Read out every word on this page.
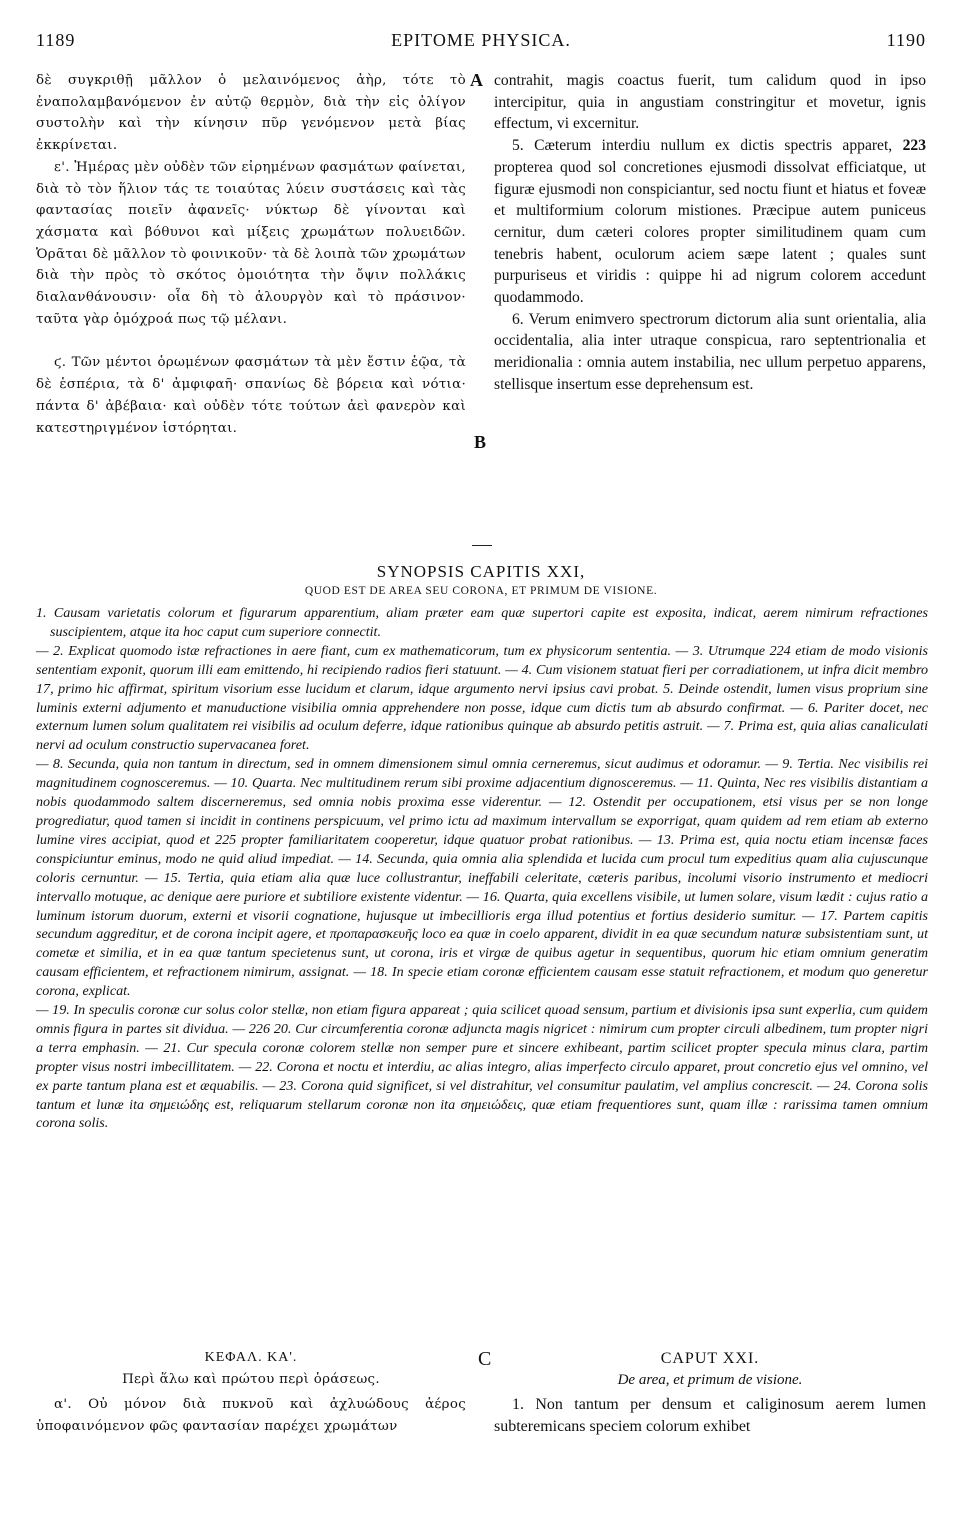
1189	EPITOME PHYSICA.	1190

δὲ συγκριθῇ μᾶλλον ὁ μελαινόμενος ἀὴρ, τότε τὸ ἐναπολαμβανόμενον ἐν αὐτῷ θερμὸν, διὰ τὴν εἰς ὀλίγον συστολὴν καὶ τὴν κίνησιν πῦρ γενόμενον μετὰ βίας ἐκκρίνεται.

ε'. Ἡμέρας μὲν οὐδὲν τῶν εἰρημένων φασμάτων φαίνεται, διὰ τὸ τὸν ἥλιον τάς τε τοιαύτας λύειν συστάσεις καὶ τὰς φαντασίας ποιεῖν ἀφανεῖς· νύκτωρ δὲ γίνονται καὶ χάσματα καὶ βόθυνοι καὶ μίξεις χρωμάτων πολυειδῶν. Ὁρᾶται δὲ μᾶλλον τὸ φοινικοῦν· τὰ δὲ λοιπὰ τῶν χρωμάτων διὰ τὴν πρὸς τὸ σκότος ὁμοιότητα τὴν ὄψιν πολλάκις διαλανθάνουσιν· οἷα δὴ τὸ ἁλουργὸν καὶ τὸ πράσινον· ταῦτα γὰρ ὁμόχροά πως τῷ μέλανι.

ϛ. Τῶν μέντοι ὁρωμένων φασμάτων τὰ μὲν ἔστιν ἑῷα, τὰ δὲ ἑσπέρια, τὰ δ' ἀμφιφαῆ· σπανίως δὲ βόρεια καὶ νότια· πάντα δ' ἀβέβαια· καὶ οὐδὲν τότε τούτων ἀεὶ φανερὸν καὶ κατεστηριγμένον ἱστόρηται.

A
B
C

contrahit, magis coactus fuerit, tum calidum quod in ipso intercipitur, quia in angustiam constringitur et movetur, ignis effectum, vi excernitur.

5. Cæterum interdiu nullum ex dictis spectris apparet, 223 propterea quod sol concretiones ejusmodi dissolvat efficiatque, ut figuræ ejusmodi non conspiciantur, sed noctu fiunt et hiatus et foveæ et multiformium colorum mistiones. Præcipue autem puniceus cernitur, dum cæteri colores propter similitudinem quam cum tenebris habent, oculorum aciem sæpe latent ; quales sunt purpuriseus et viridis : quippe hi ad nigrum colorem accedunt quodammodo.

6. Verum enimvero spectrorum dictorum alia sunt orientalia, alia occidentalia, alia inter utraque conspicua, raro septentrionalia et meridionalia : omnia autem instabilia, nec ullum perpetuo apparens, stellisque insertum esse deprehensum est.

SYNOPSIS CAPITIS XXI,
QUOD EST DE AREA SEU CORONA, ET PRIMUM DE VISIONE.

1. Causam varietatis colorum et figurarum apparentium, aliam præter eam quæ supertori capite est exposita, indicat, aerem nimirum refractiones suscipientem, atque ita hoc caput cum superiore connectit.

— 2. Explicat quomodo istæ refractiones in aere fiant, cum ex mathematicorum, tum ex physicorum sententia. — 3. Utrumque 224 etiam de modo visionis sententiam exponit, quorum illi eam emittendo, hi recipiendo radios fieri statuunt. — 4. Cum visionem statuat fieri per corradiationem, ut infra dicit membro 17, primo hic affirmat, spiritum visorium esse lucidum et clarum, idque argumento nervi ipsius cavi probat. 5. Deinde ostendit, lumen visus proprium sine luminis externi adjumento et manuductione visibilia omnia apprehendere non posse, idque cum dictis tum ab absurdo confirmat. — 6. Pariter docet, nec externum lumen solum qualitatem rei visibilis ad oculum deferre, idque rationibus quinque ab absurdo petitis astruit. — 7. Prima est, quia alias canaliculati nervi ad oculum constructio supervacanea foret.

— 8. Secunda, quia non tantum in directum, sed in omnem dimensionem simul omnia cerneremus, sicut audimus et odoramur. — 9. Tertia. Nec visibilis rei magnitudinem cognosceremus. — 10. Quarta. Nec multitudinem rerum sibi proxime adjacentium dignosceremus. — 11. Quinta, Nec res visibilis distantiam a nobis quodammodo saltem discerneremus, sed omnia nobis proxima esse viderentur. — 12. Ostendit per occupationem, etsi visus per se non longe progrediatur, quod tamen si incidit in continens perspicuum, vel primo ictu ad maximum intervallum se exporrigat, quam quidem ad rem etiam ab externo lumine vires accipiat, quod et 225 propter familiaritatem cooperetur, idque quatuor probat rationibus. — 13. Prima est, quia noctu etiam incensæ faces conspiciuntur eminus, modo ne quid aliud impediat. — 14. Secunda, quia omnia alia splendida et lucida cum procul tum expeditius quam alia cujuscunque coloris cernuntur. — 15. Tertia, quia etiam alia quæ luce collustrantur, ineffabili celeritate, cæteris paribus, incolumi visorio instrumento et mediocri intervallo motuque, ac denique aere puriore et subtiliore existente videntur. — 16. Quarta, quia excellens visibile, ut lumen solare, visum lædit : cujus ratio a luminum istorum duorum, externi et visorii cognatione, hujusque ut imbecillioris erga illud potentius et fortius desiderio sumitur. — 17. Partem capitis secundum aggreditur, et de corona incipit agere, et προπαρασκευῆς loco ea quæ in coelo apparent, dividit in ea quæ secundum naturæ subsistentiam sunt, ut cometæ et similia, et in ea quæ tantum specietenus sunt, ut corona, iris et virgæ de quibus agetur in sequentibus, quorum hic etiam omnium generatim causam efficientem, et refractionem nimirum, assignat. — 18. In specie etiam coronæ efficientem causam esse statuit refractionem, et modum quo generetur corona, explicat.

— 19. In speculis coronæ cur solus color stellæ, non etiam figura appareat ; quia scilicet quoad sensum, partium et divisionis ipsa sunt experlia, cum quidem omnis figura in partes sit dividua. — 226 20. Cur circumferentia coronæ adjuncta magis nigricet : nimirum cum propter circuli albedinem, tum propter nigri a terra emphasin. — 21. Cur specula coronæ colorem stellæ non semper pure et sincere exhibeant, partim scilicet propter specula minus clara, partim propter visus nostri imbecillitatem. — 22. Corona et noctu et interdiu, ac alias integro, alias imperfecto circulo apparet, prout concretio ejus vel omnino, vel ex parte tantum plana est et æquabilis. — 23. Corona quid significet, si vel distrahitur, vel consumitur paulatim, vel amplius concrescit. — 24. Corona solis tantum et lunæ ita σημειώδης est, reliquarum stellarum coronæ non ita σημειώδεις, quæ etiam frequentiores sunt, quam illæ : rarissima tamen omnium corona solis.

ΚΕΦΑΛ. ΚΑ'.
Περὶ ἅλω καὶ πρώτου περὶ ὁράσεως.
α'. Οὐ μόνον διὰ πυκνοῦ καὶ ἀχλυώδους ἀέρος ὑποφαινόμενον φῶς φαντασίαν παρέχει χρωμάτων
CAPUT XXI.
De area, et primum de visione.
1. Non tantum per densum et caliginosum aerem lumen subteremicans speciem colorum exhibet
